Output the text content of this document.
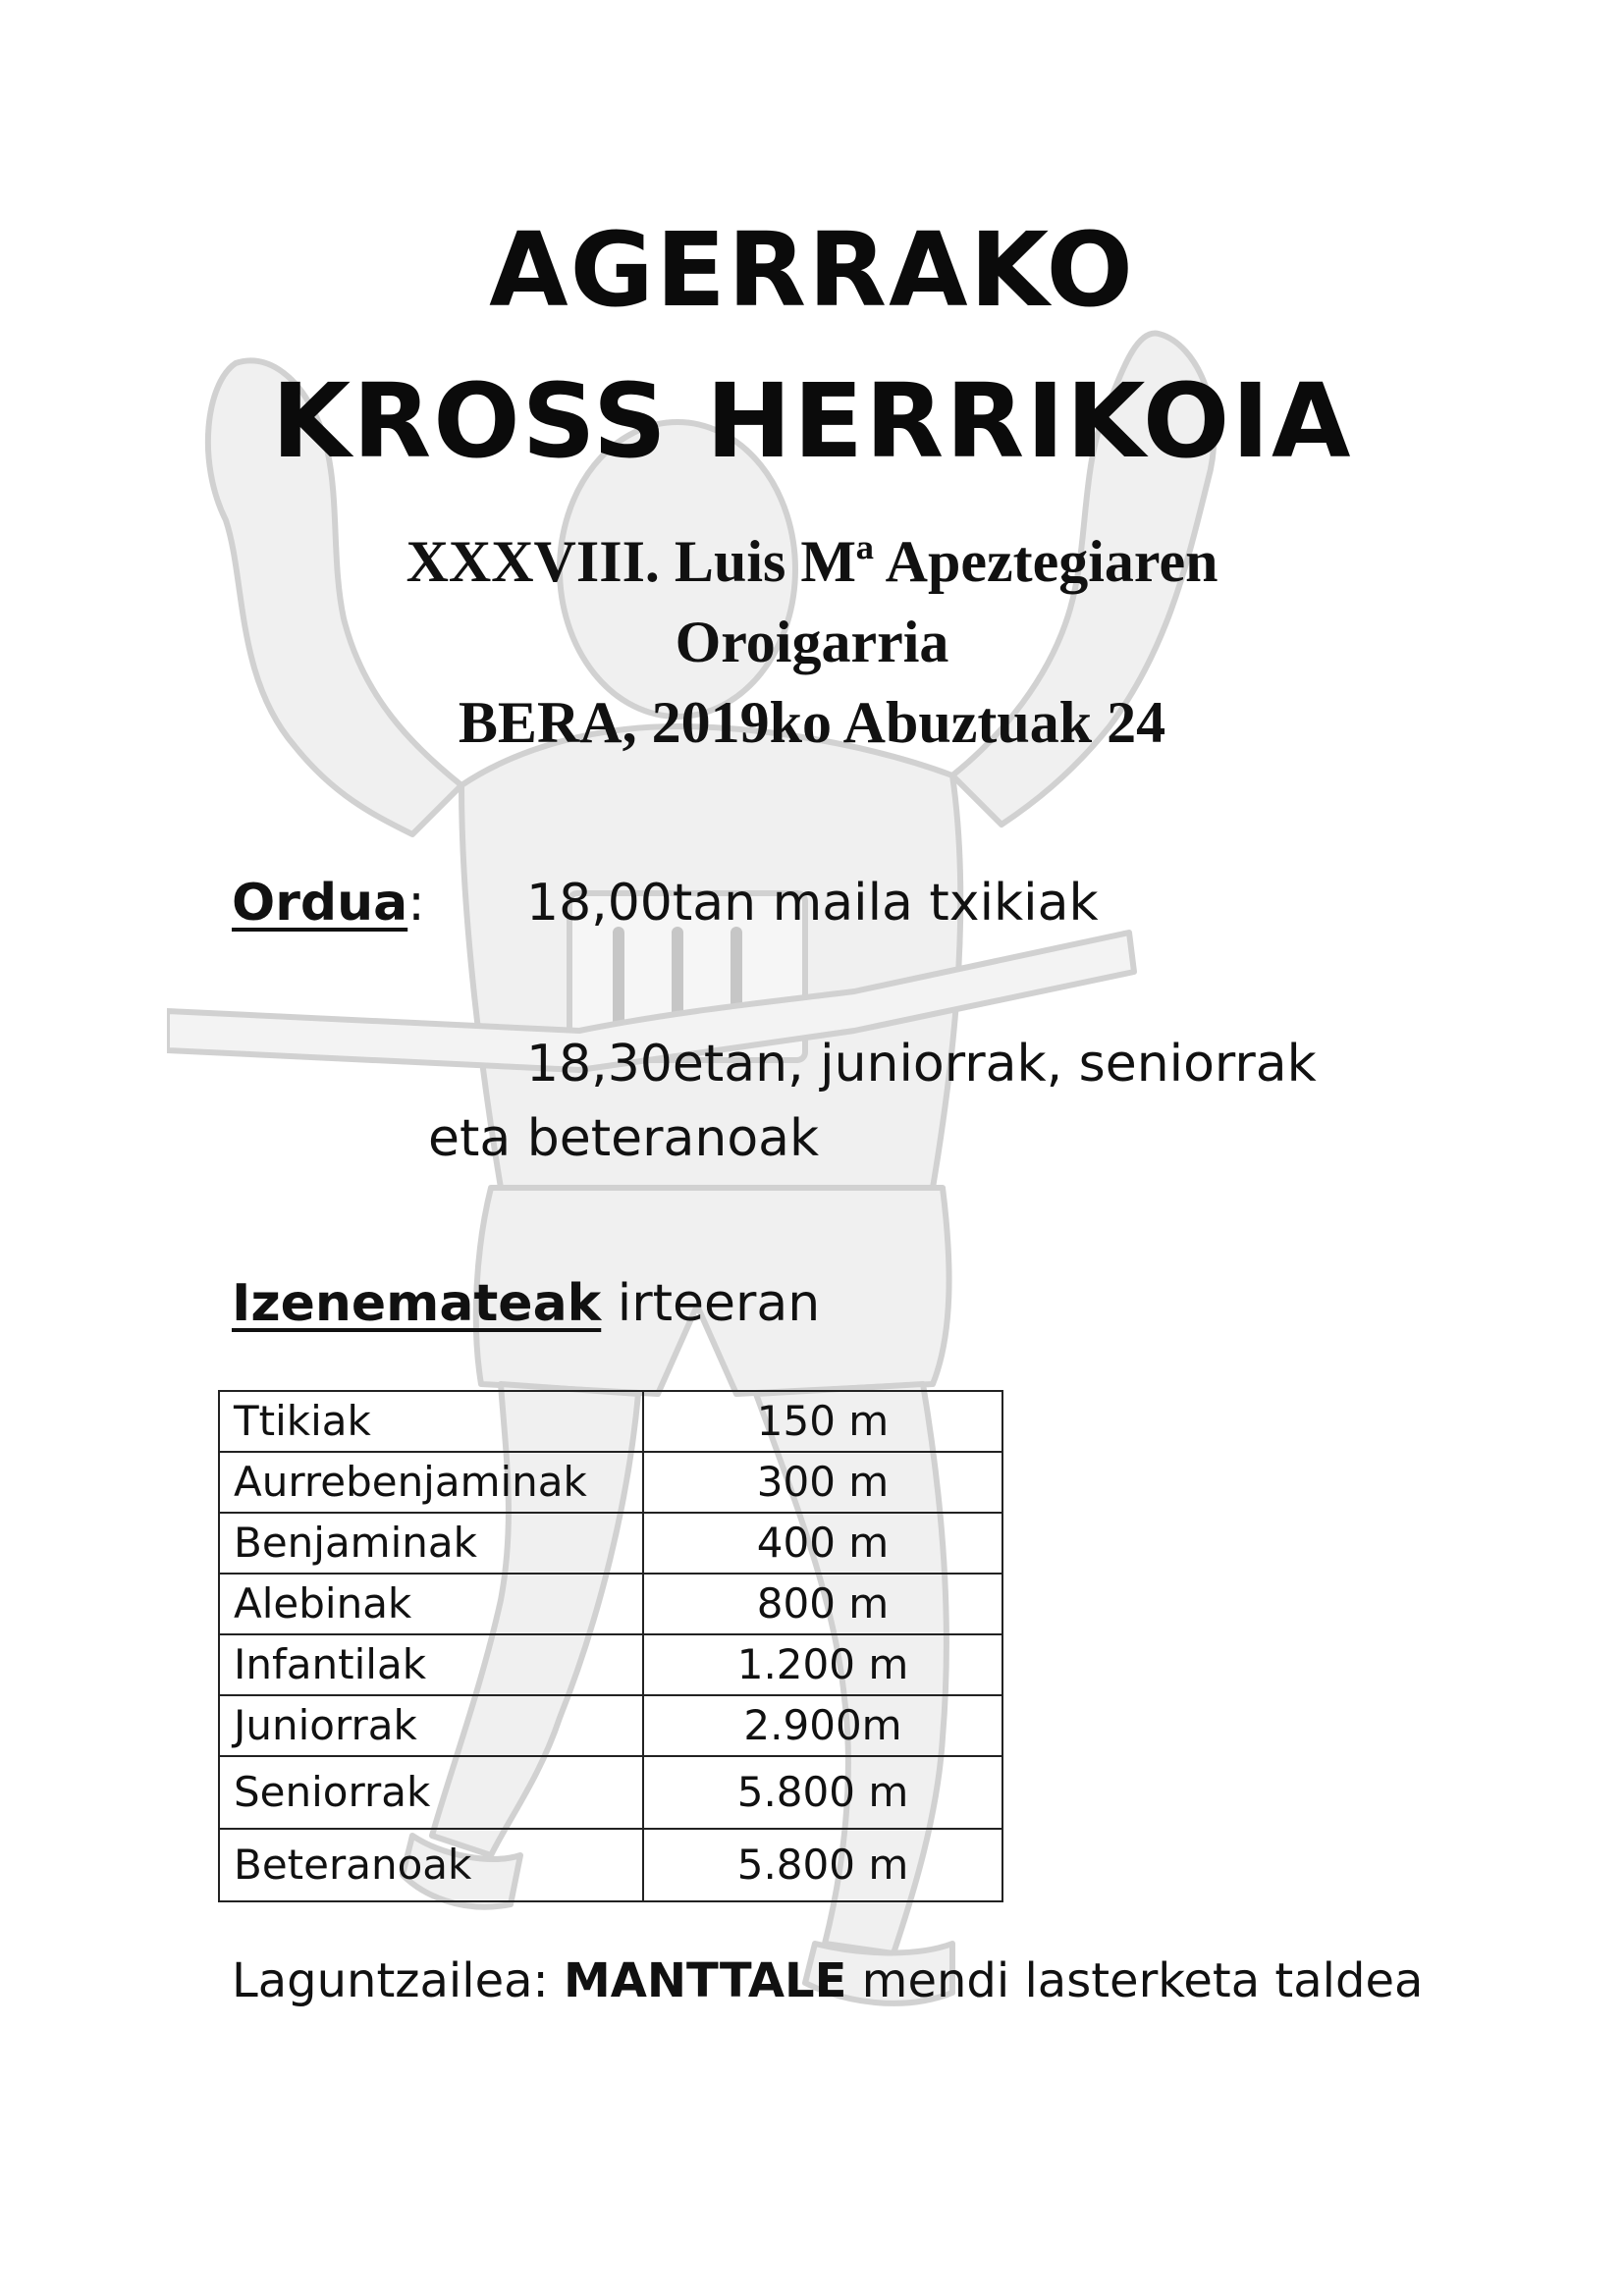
AGERRAKO
KROSS HERRIKOIA
XXXVIII. Luis Mª Apeztegiaren
Oroigarria
BERA, 2019ko Abuztuak 24
Ordua: 18,00tan maila txikiak
18,30etan, juniorrak, seniorrak
eta beteranoak
Izenemateak irteeran
Ttikiak	150 m
Aurrebenjaminak	300 m
Benjaminak	400 m
Alebinak	800 m
Infantilak	1.200 m
Juniorrak	2.900m
Seniorrak	5.800 m
Beteranoak	5.800 m
Laguntzailea: MANTTALE mendi lasterketa taldea
